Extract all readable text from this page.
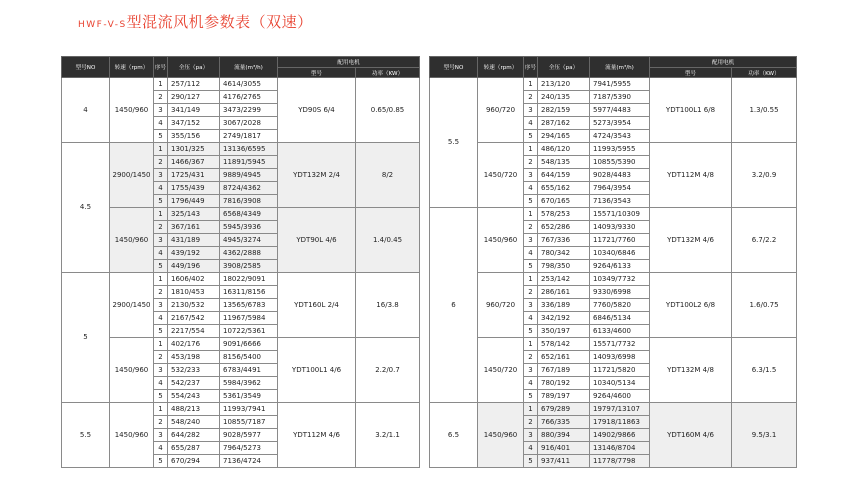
HWF-V-S型混流风机参数表（双速）
型号NO	转速（rpm）	序号	全压（pa）	流量(m³/h)	配用电机	
					型号	功率（KW）
4	1450/960	1	257/112	4614/3055	YD90S 6/4	0.65/0.85
		2	290/127	4176/2765		
		3	341/149	3473/2299		
		4	347/152	3067/2028		
		5	355/156	2749/1817		
4.5	2900/1450	1	1301/325	13136/6595	YDT132M 2/4	8/2
		2	1466/367	11891/5945		
		3	1725/431	9889/4945		
		4	1755/439	8724/4362		
		5	1796/449	7816/3908		
	1450/960	1	325/143	6568/4349	YDT90L 4/6	1.4/0.45
		2	367/161	5945/3936		
		3	431/189	4945/3274		
		4	439/192	4362/2888		
		5	449/196	3908/2585		
5	2900/1450	1	1606/402	18022/9091	YDT160L 2/4	16/3.8
		2	1810/453	16311/8156		
		3	2130/532	13565/6783		
		4	2167/542	11967/5984		
		5	2217/554	10722/5361		
	1450/960	1	402/176	9091/6666	YDT100L1 4/6	2.2/0.7
		2	453/198	8156/5400		
		3	532/233	6783/4491		
		4	542/237	5984/3962		
		5	554/243	5361/3549		
5.5	1450/960	1	488/213	11993/7941	YDT112M 4/6	3.2/1.1
		2	548/240	10855/7187		
		3	644/282	9028/5977		
		4	655/287	7964/5273		
		5	670/294	7136/4724		
型号NO	转速（rpm）	序号	全压（pa）	流量(m³/h)	配用电机	
					型号	功率（KW）
5.5	960/720	1	213/120	7941/5955	YDT100L1 6/8	1.3/0.55
		2	240/135	7187/5390		
		3	282/159	5977/4483		
		4	287/162	5273/3954		
		5	294/165	4724/3543		
	1450/720	1	486/120	11993/5955	YDT112M 4/8	3.2/0.9
		2	548/135	10855/5390		
		3	644/159	9028/4483		
		4	655/162	7964/3954		
		5	670/165	7136/3543		
6	1450/960	1	578/253	15571/10309	YDT132M 4/6	6.7/2.2
		2	652/286	14093/9330		
		3	767/336	11721/7760		
		4	780/342	10340/6846		
		5	798/350	9264/6133		
	960/720	1	253/142	10349/7732	YDT100L2 6/8	1.6/0.75
		2	286/161	9330/6998		
		3	336/189	7760/5820		
		4	342/192	6846/5134		
		5	350/197	6133/4600		
	1450/720	1	578/142	15571/7732	YDT132M 4/8	6.3/1.5
		2	652/161	14093/6998		
		3	767/189	11721/5820		
		4	780/192	10340/5134		
		5	789/197	9264/4600		
6.5	1450/960	1	679/289	19797/13107	YDT160M 4/6	9.5/3.1
		2	766/335	17918/11863		
		3	880/394	14902/9866		
		4	916/401	13146/8704		
		5	937/411	11778/7798		
